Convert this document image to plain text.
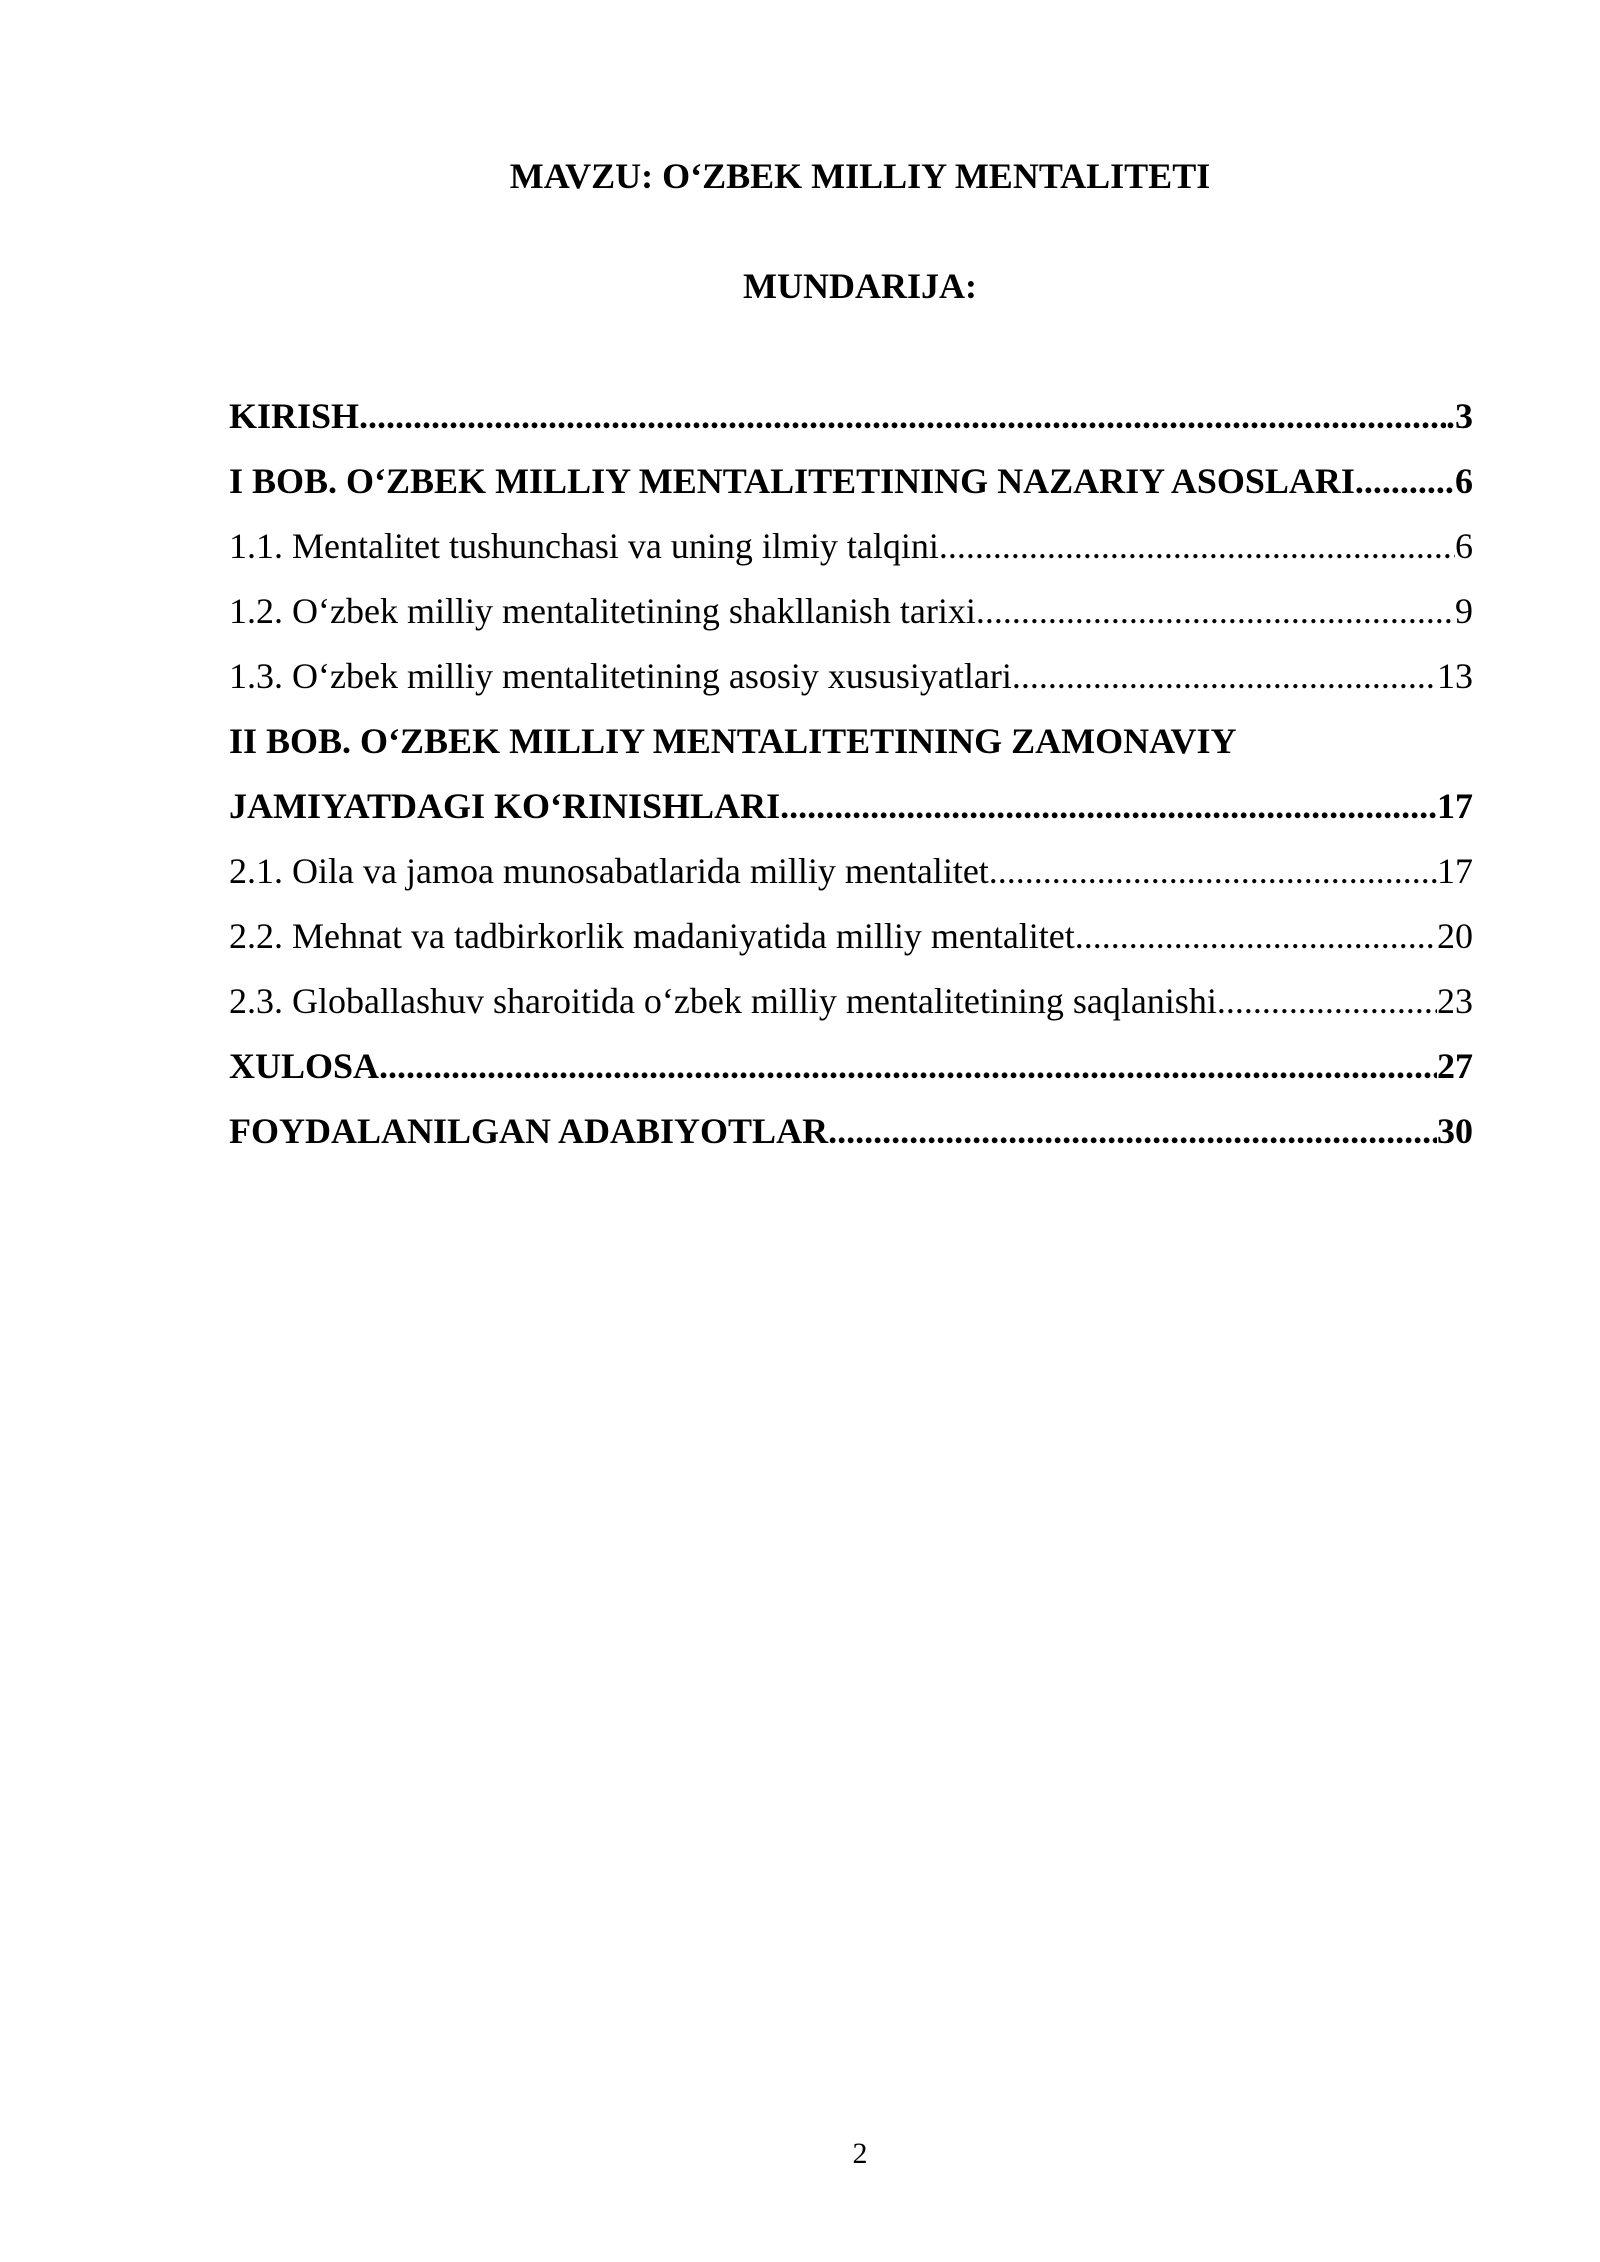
MAVZU: O‘ZBEK MILLIY MENTALITETI
MUNDARIJA:
KIRISH .....	.3
I BOB. O‘ZBEK MILLIY MENTALITETINING NAZARIY ASOSLARI .....	6
1.1. Mentalitet tushunchasi va uning ilmiy talqini .....	6
1.2. O‘zbek milliy mentalitetining shakllanish tarixi .....	9
1.3. O‘zbek milliy mentalitetining asosiy xususiyatlari .....	13
II BOB. O‘ZBEK MILLIY MENTALITETINING ZAMONAVIY
JAMIYATDAGI KO‘RINISHLARI .....	17
2.1. Oila va jamoa munosabatlarida milliy mentalitet .....	17
2.2. Mehnat va tadbirkorlik madaniyatida milliy mentalitet .....	20
2.3. Globallashuv sharoitida o‘zbek milliy mentalitetining saqlanishi .....	23
XULOSA .....	27
FOYDALANILGAN ADABIYOTLAR .....	30
2
